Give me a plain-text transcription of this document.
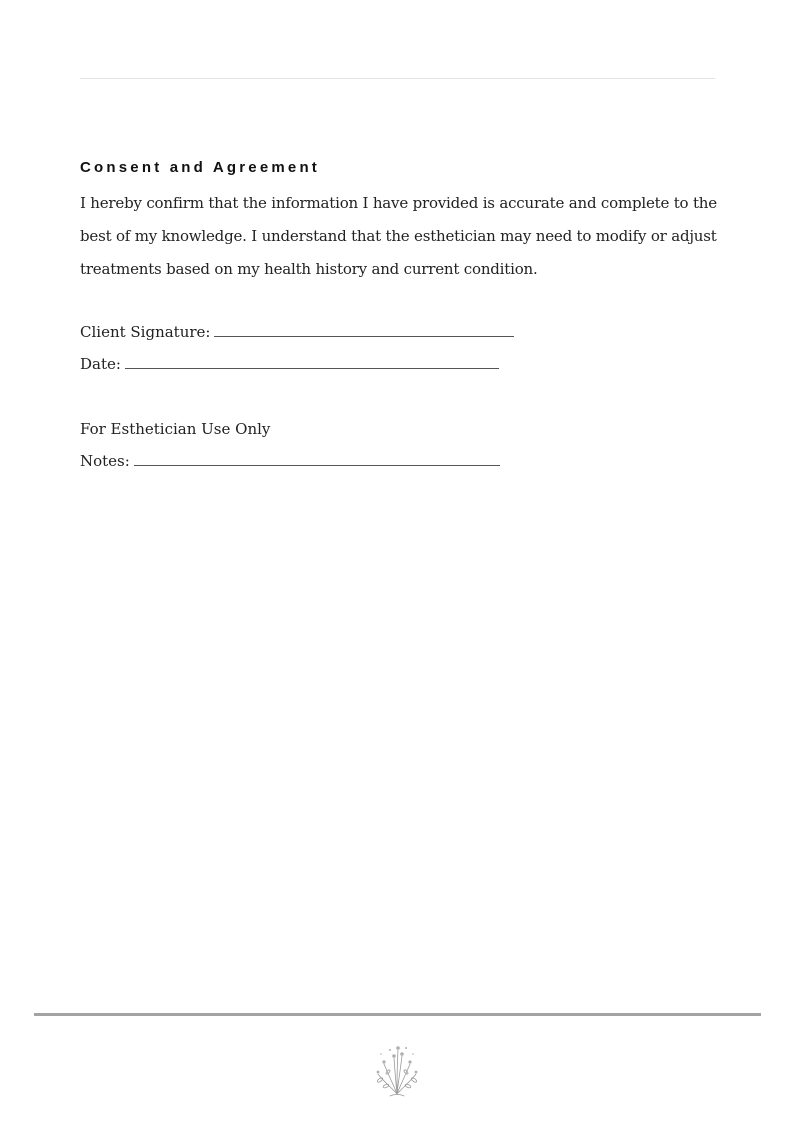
Consent and Agreement

I hereby confirm that the information I have provided is accurate and complete to the best of my knowledge. I understand that the esthetician may need to modify or adjust treatments based on my health history and current condition.

Client Signature:
Date:
For Esthetician Use Only
Notes:
